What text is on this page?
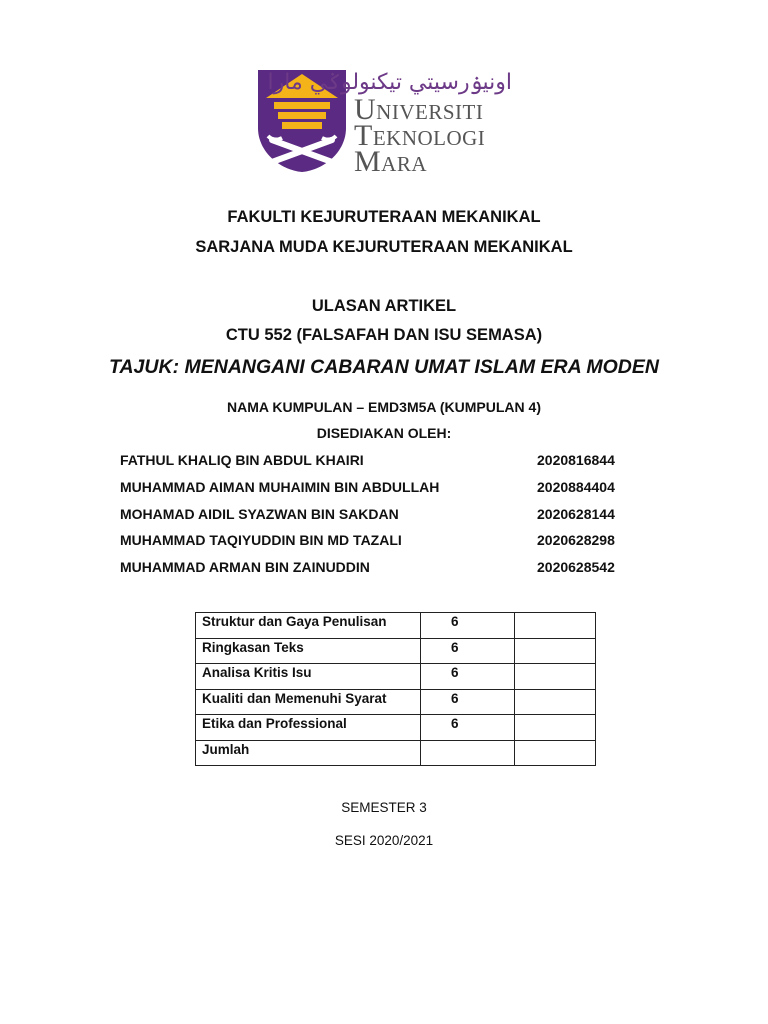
اونيۏرسيتي تيكنولوݢي مارا
Universiti
Teknologi
Mara
FAKULTI KEJURUTERAAN MEKANIKAL
SARJANA MUDA KEJURUTERAAN MEKANIKAL
ULASAN ARTIKEL
CTU 552 (FALSAFAH DAN ISU SEMASA)
TAJUK: MENANGANI CABARAN UMAT ISLAM ERA MODEN
NAMA KUMPULAN – EMD3M5A (KUMPULAN 4)
DISEDIAKAN OLEH:
FATHUL KHALIQ BIN ABDUL KHAIRI	2020816844
MUHAMMAD AIMAN MUHAIMIN BIN ABDULLAH	2020884404
MOHAMAD AIDIL SYAZWAN BIN SAKDAN	2020628144
MUHAMMAD TAQIYUDDIN BIN MD TAZALI	2020628298
MUHAMMAD ARMAN BIN ZAINUDDIN	2020628542
Struktur dan Gaya Penulisan	6	
Ringkasan Teks	6	
Analisa Kritis Isu	6	
Kualiti dan Memenuhi Syarat	6	
Etika dan Professional	6	
Jumlah		
SEMESTER 3
SESI 2020/2021
